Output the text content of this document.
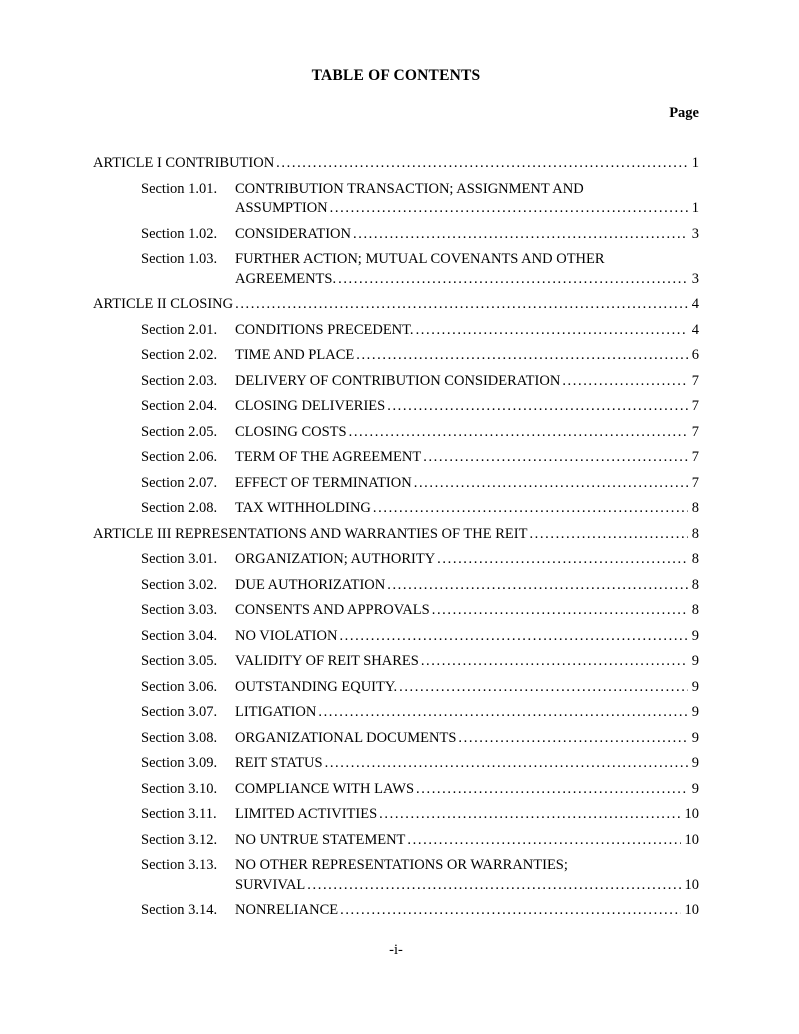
TABLE OF CONTENTS
Page
ARTICLE I CONTRIBUTION .....	1
Section 1.01.	CONTRIBUTION TRANSACTION; ASSIGNMENT AND
ASSUMPTION .....	1
Section 1.02.	CONSIDERATION .....	3
Section 1.03.	FURTHER ACTION; MUTUAL COVENANTS AND OTHER
AGREEMENTS. .....	3
ARTICLE II CLOSING .....	4
Section 2.01.	CONDITIONS PRECEDENT. .....	4
Section 2.02.	TIME AND PLACE .....	6
Section 2.03.	DELIVERY OF CONTRIBUTION CONSIDERATION .....	7
Section 2.04.	CLOSING DELIVERIES .....	7
Section 2.05.	CLOSING COSTS .....	7
Section 2.06.	TERM OF THE AGREEMENT .....	7
Section 2.07.	EFFECT OF TERMINATION .....	7
Section 2.08.	TAX WITHHOLDING .....	8
ARTICLE III REPRESENTATIONS AND WARRANTIES OF THE REIT .....	8
Section 3.01.	ORGANIZATION; AUTHORITY .....	8
Section 3.02.	DUE AUTHORIZATION .....	8
Section 3.03.	CONSENTS AND APPROVALS .....	8
Section 3.04.	NO VIOLATION .....	9
Section 3.05.	VALIDITY OF REIT SHARES .....	9
Section 3.06.	OUTSTANDING EQUITY. .....	9
Section 3.07.	LITIGATION .....	9
Section 3.08.	ORGANIZATIONAL DOCUMENTS .....	9
Section 3.09.	REIT STATUS .....	9
Section 3.10.	COMPLIANCE WITH LAWS .....	9
Section 3.11.	LIMITED ACTIVITIES .....	10
Section 3.12.	NO UNTRUE STATEMENT .....	10
Section 3.13.	NO OTHER REPRESENTATIONS OR WARRANTIES;
SURVIVAL .....	10
Section 3.14.	NONRELIANCE .....	10
-i-
